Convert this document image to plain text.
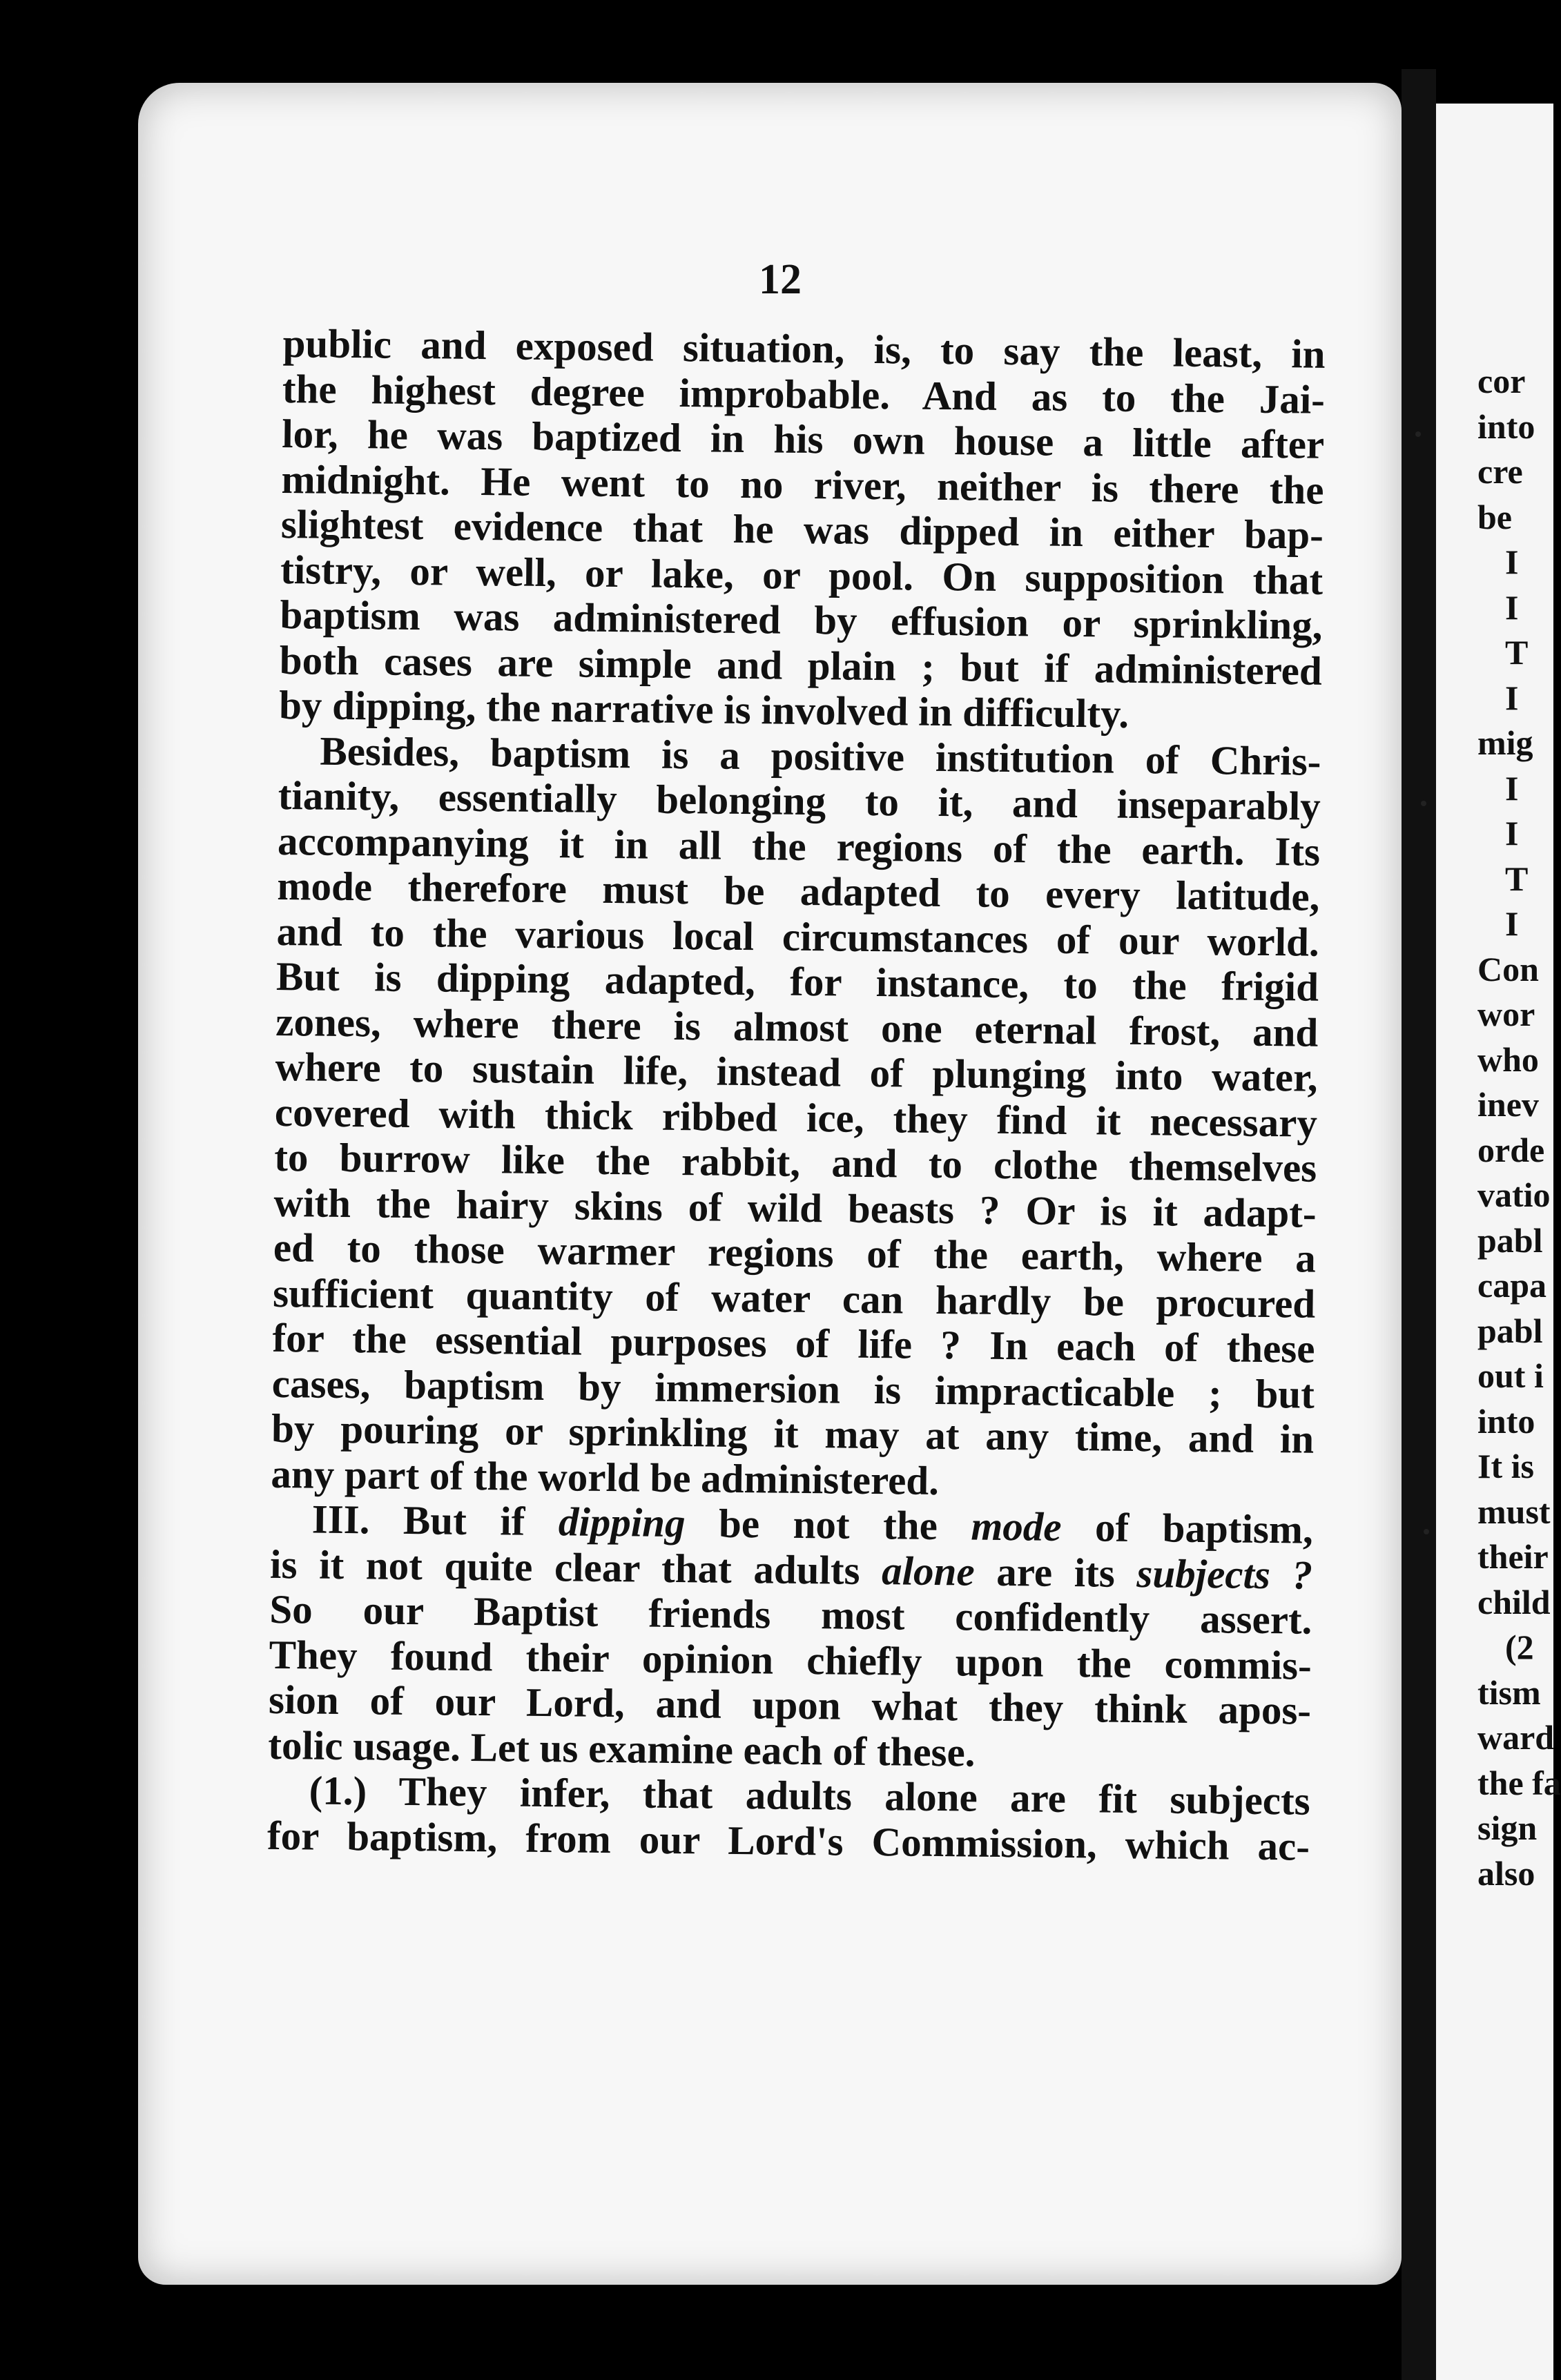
12
public and exposed situation, is, to say the least, in
the highest degree improbable. And as to the Jai-
lor, he was baptized in his own house a little after
midnight. He went to no river, neither is there the
slightest evidence that he was dipped in either bap-
tistry, or well, or lake, or pool. On supposition that
baptism was administered by effusion or sprinkling,
both cases are simple and plain ; but if administered
by dipping, the narrative is involved in difficulty.
Besides, baptism is a positive institution of Chris-
tianity, essentially belonging to it, and inseparably
accompanying it in all the regions of the earth. Its
mode therefore must be adapted to every latitude,
and to the various local circumstances of our world.
But is dipping adapted, for instance, to the frigid
zones, where there is almost one eternal frost, and
where to sustain life, instead of plunging into water,
covered with thick ribbed ice, they find it necessary
to burrow like the rabbit, and to clothe themselves
with the hairy skins of wild beasts ? Or is it adapt-
ed to those warmer regions of the earth, where a
sufficient quantity of water can hardly be procured
for the essential purposes of life ? In each of these
cases, baptism by immersion is impracticable ; but
by pouring or sprinkling it may at any time, and in
any part of the world be administered.
III. But if dipping be not the mode of baptism,
is it not quite clear that adults alone are its subjects ?
So our Baptist friends most confidently assert.
They found their opinion chiefly upon the commis-
sion of our Lord, and upon what they think apos-
tolic usage. Let us examine each of these.
(1.) They infer, that adults alone are fit subjects
for baptism, from our Lord's Commission, which ac-
cor
into
cre
be
I
I
T
I
mig
I
I
T
I
Con
wor
who
inev
orde
vatio
pabl
capa
pabl
out i
into
It is
must
their
child
(2
tism
ward
the fa
sign
also
